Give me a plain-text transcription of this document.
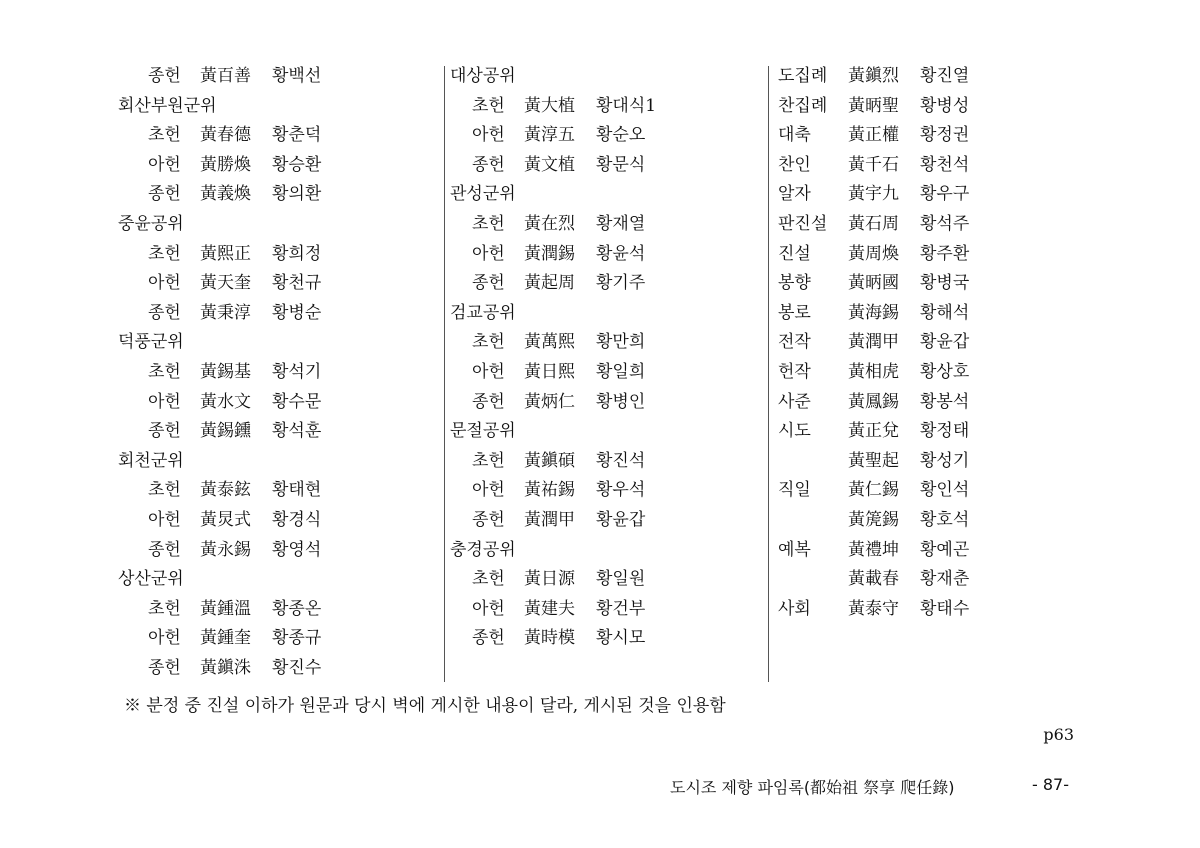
종헌 黃百善 황백선
회산부원군위
초헌 黃春德 황춘덕
아헌 黃勝煥 황승환
종헌 黃義煥 황의환
중윤공위
초헌 黃熙正 황희정
아헌 黃天奎 황천규
종헌 黃秉淳 황병순
덕풍군위
초헌 黃錫基 황석기
아헌 黃水文 황수문
종헌 黃錫鑂 황석훈
회천군위
초헌 黃泰鉉 황태현
아헌 黃炅式 황경식
종헌 黃永錫 황영석
상산군위
초헌 黃鍾溫 황종온
아헌 黃鍾奎 황종규
종헌 黃鎭洙 황진수
대상공위
초헌 黃大植 황대식1
아헌 黃淳五 황순오
종헌 黃文植 황문식
관성군위
초헌 黃在烈 황재열
아헌 黃潤錫 황윤석
종헌 黃起周 황기주
검교공위
초헌 黃萬熙 황만희
아헌 黃日熙 황일희
종헌 黃炳仁 황병인
문절공위
초헌 黃鎭碩 황진석
아헌 黃祐錫 황우석
종헌 黃潤甲 황윤갑
충경공위
초헌 黃日源 황일원
아헌 黃建夫 황건부
종헌 黃時模 황시모
도집례 黃鎭烈 황진열
찬집례 黃昞聖 황병성
대축 黃正權 황정권
찬인 黃千石 황천석
알자 黃宇九 황우구
판진설 黃石周 황석주
진설 黃周煥 황주환
봉향 黃昞國 황병국
봉로 黃海錫 황해석
전작 黃潤甲 황윤갑
헌작 黃相虎 황상호
사준 黃鳳錫 황봉석
시도 黃正兌 황정태
黃聖起 황성기
직일 黃仁錫 황인석
黃箎錫 황호석
예복 黃禮坤 황예곤
黃載春 황재춘
사회 黃泰守 황태수
※ 분정 중 진설 이하가 원문과 당시 벽에 게시한 내용이 달라, 게시된 것을 인용함
p63
도시조 제향 파임록(都始祖 祭享 爬任錄)	- 87-
